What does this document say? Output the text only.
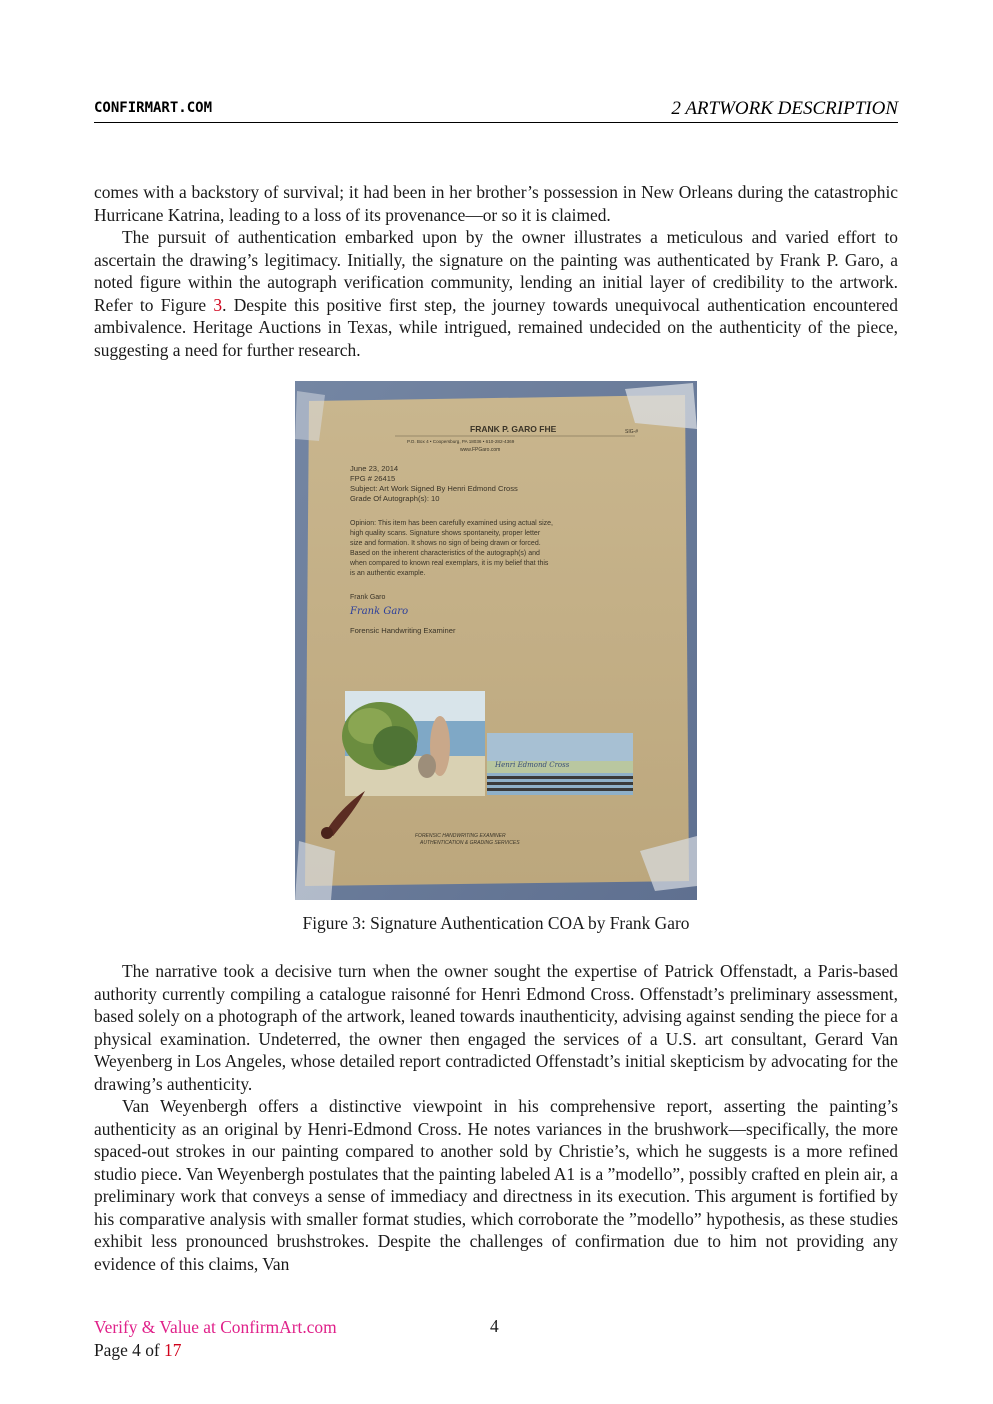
CONFIRMART.COM	2 ARTWORK DESCRIPTION

comes with a backstory of survival; it had been in her brother’s possession in New Orleans during the catastrophic Hurricane Katrina, leading to a loss of its provenance—or so it is claimed.

The pursuit of authentication embarked upon by the owner illustrates a meticulous and varied effort to ascertain the drawing’s legitimacy. Initially, the signature on the painting was authenticated by Frank P. Garo, a noted figure within the autograph verification community, lending an initial layer of credibility to the artwork. Refer to Figure 3. Despite this positive first step, the journey towards unequivocal authentication encountered ambivalence. Heritage Auctions in Texas, while intrigued, remained undecided on the authenticity of the piece, suggesting a need for further research.

FRANK P. GARO FHE	SIG-#
P.O. Box 4 • Coopersburg, PA 18036 • 610-282-4369
www.FPGaro.com
June 23, 2014
FPG # 26415
Subject: Art Work Signed By Henri Edmond Cross
Grade Of Autograph(s): 10
Opinion: This item has been carefully examined using actual size,
high quality scans. Signature shows spontaneity, proper letter
size and formation. It shows no sign of being drawn or forced.
Based on the inherent characteristics of the autograph(s) and
when compared to known real exemplars, it is my belief that this
is an authentic example.
Frank Garo
Frank Garo
Forensic Handwriting Examiner
FORENSIC HANDWRITING EXAMINER
AUTHENTICATION & GRADING SERVICES
Henri Edmond Cross
Figure 3: Signature Authentication COA by Frank Garo

The narrative took a decisive turn when the owner sought the expertise of Patrick Offenstadt, a Paris-based authority currently compiling a catalogue raisonné for Henri Edmond Cross. Offenstadt’s preliminary assessment, based solely on a photograph of the artwork, leaned towards inauthenticity, advising against sending the piece for a physical examination. Undeterred, the owner then engaged the services of a U.S. art consultant, Gerard Van Weyenberg in Los Angeles, whose detailed report contradicted Offenstadt’s initial skepticism by advocating for the drawing’s authenticity.

Van Weyenbergh offers a distinctive viewpoint in his comprehensive report, asserting the painting’s authenticity as an original by Henri-Edmond Cross. He notes variances in the brushwork—specifically, the more spaced-out strokes in our painting compared to another sold by Christie’s, which he suggests is a more refined studio piece. Van Weyenbergh postulates that the painting labeled A1 is a ”modello”, possibly crafted en plein air, a preliminary work that conveys a sense of immediacy and directness in its execution. This argument is fortified by his comparative analysis with smaller format studies, which corroborate the ”modello” hypothesis, as these studies exhibit less pronounced brushstrokes. Despite the challenges of confirmation due to him not providing any evidence of this claims, Van

Verify & Value at ConfirmArt.com
Page 4 of 17
4
